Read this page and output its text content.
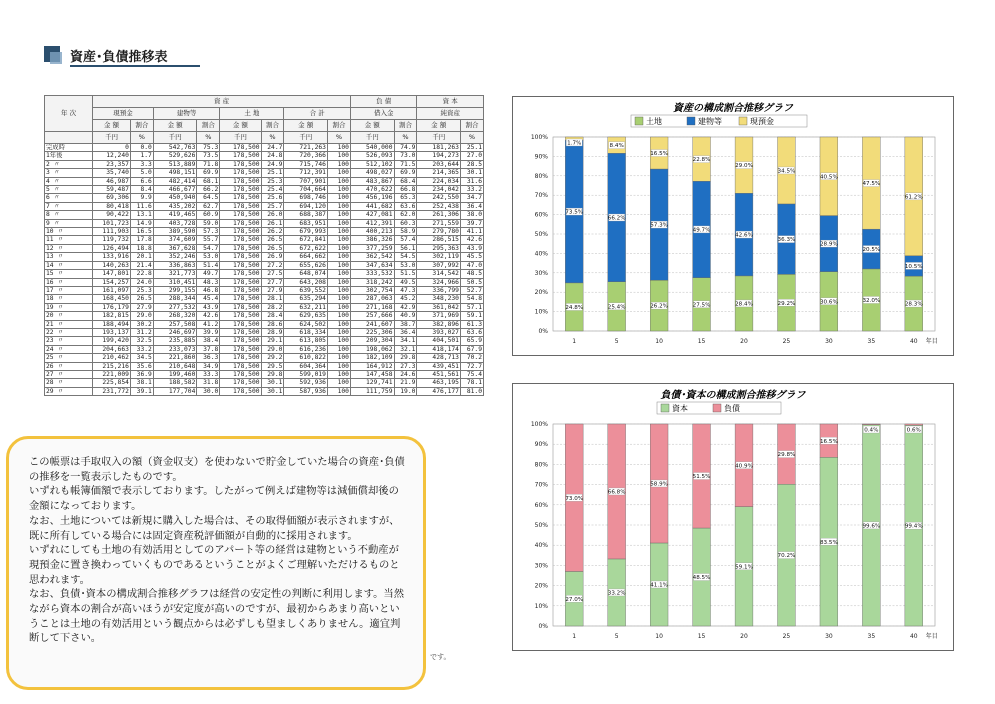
資産･負債推移表
年 次	資 産								負 債		資 本	
	現預金		建物等		土 地		合 計		借入金		純資産	
	金 額	割合	金 額	割合	金 額	割合	金 額	割合	金 額	割合	金 額	割合
	千円	%	千円	%	千円	%	千円	%	千円	%	千円	%
完成時	0	0.0	542,763	75.3	178,500	24.7	721,263	100	540,000	74.9	181,263	25.1
1年後	12,240	1.7	529,626	73.5	178,500	24.8	720,366	100	526,093	73.0	194,273	27.0
2 〃	23,357	3.3	513,889	71.8	178,500	24.9	715,746	100	512,102	71.5	203,644	28.5
3 〃	35,740	5.0	498,151	69.9	178,500	25.1	712,391	100	498,027	69.9	214,365	30.1
4 〃	46,987	6.6	482,414	68.1	178,500	25.3	707,901	100	483,867	68.4	224,034	31.6
5 〃	59,487	8.4	466,677	66.2	178,500	25.4	704,664	100	470,622	66.8	234,042	33.2
6 〃	69,306	9.9	450,940	64.5	178,500	25.6	698,746	100	456,196	65.3	242,550	34.7
7 〃	80,418	11.6	435,202	62.7	178,500	25.7	694,120	100	441,682	63.6	252,438	36.4
8 〃	90,422	13.1	419,465	60.9	178,500	26.0	688,387	100	427,081	62.0	261,306	38.0
9 〃	101,723	14.9	403,728	59.0	178,500	26.1	683,951	100	412,391	60.3	271,559	39.7
10 〃	111,903	16.5	389,590	57.3	178,500	26.2	679,993	100	400,213	58.9	279,780	41.1
11 〃	119,732	17.8	374,609	55.7	178,500	26.5	672,841	100	386,326	57.4	286,515	42.6
12 〃	126,494	18.8	367,628	54.7	178,500	26.5	672,622	100	377,259	56.1	295,363	43.9
13 〃	133,916	20.1	352,246	53.0	178,500	26.9	664,662	100	362,542	54.5	302,119	45.5
14 〃	140,263	21.4	336,863	51.4	178,500	27.2	655,626	100	347,634	53.0	307,992	47.0
15 〃	147,801	22.8	321,773	49.7	178,500	27.5	648,074	100	333,532	51.5	314,542	48.5
16 〃	154,257	24.0	310,451	48.3	178,500	27.7	643,208	100	318,242	49.5	324,966	50.5
17 〃	161,097	25.3	299,155	46.8	178,500	27.9	639,552	100	302,754	47.3	336,799	52.7
18 〃	168,450	26.5	288,344	45.4	178,500	28.1	635,294	100	287,063	45.2	348,230	54.8
19 〃	176,179	27.9	277,532	43.9	178,500	28.2	632,211	100	271,168	42.9	361,042	57.1
20 〃	182,815	29.0	268,320	42.6	178,500	28.4	629,635	100	257,666	40.9	371,969	59.1
21 〃	188,494	30.2	257,508	41.2	178,500	28.6	624,502	100	241,607	38.7	382,896	61.3
22 〃	193,137	31.2	246,697	39.9	178,500	28.9	618,334	100	225,306	36.4	393,027	63.6
23 〃	199,420	32.5	235,885	38.4	178,500	29.1	613,805	100	209,304	34.1	404,501	65.9
24 〃	204,663	33.2	233,073	37.8	178,500	29.0	616,236	100	198,062	32.1	418,174	67.9
25 〃	210,462	34.5	221,860	36.3	178,500	29.2	610,822	100	182,109	29.8	428,713	70.2
26 〃	215,216	35.6	210,648	34.9	178,500	29.5	604,364	100	164,912	27.3	439,451	72.7
27 〃	221,009	36.9	199,460	33.3	178,500	29.8	599,019	100	147,458	24.6	451,561	75.4
28 〃	225,854	38.1	188,582	31.8	178,500	30.1	592,936	100	129,741	21.9	463,195	78.1
29 〃	231,772	39.1	177,704	30.0	178,500	30.1	587,936	100	111,759	19.0	476,177	81.0
です。

この帳票は手取収入の額（資金収支）を使わないで貯金していた場合の資産･負債の推移を一覧表示したものです。

いずれも帳簿価額で表示しております。したがって例えば建物等は減価償却後の金額になっております。

なお、土地については新規に購入した場合は、その取得価額が表示されますが、既に所有している場合には固定資産税評価額が自動的に採用されます。

いずれにしても土地の有効活用としてのアパート等の経営は建物という不動産が現預金に置き換わっていくものであるということがよくご理解いただけるものと思われます。

なお、負債･資本の構成割合推移グラフは経営の安定性の判断に利用します。当然ながら資本の割合が高いほうが安定度が高いのですが、最初からあまり高いということは土地の有効活用という観点からは必ずしも望ましくありません。適宜判断して下さい。

資産の構成割合推移グラフ
土地	建物等	現預金
0%
10%
20%
30%
40%
50%
60%
70%
80%
90%
100%
24.8%
73.5%
1.7%
1
25.4%
66.2%
8.4%
5
26.2%
57.3%
16.5%
10
27.5%
49.7%
22.8%
15
28.4%
42.6%
29.0%
20
29.2%
36.3%
34.5%
25
30.6%
28.9%
40.5%
30
32.0%
20.5%
47.5%
35
28.3%
10.5%
61.2%
40 年目
負債･資本の構成割合推移グラフ
資本	負債
0%
10%
20%
30%
40%
50%
60%
70%
80%
90%
100%
27.0%
73.0%
1
33.2%
66.8%
5
41.1%
58.9%
10
48.5%
51.5%
15
59.1%
40.9%
20
70.2%
29.8%
25
83.5%
16.5%
30
99.6%
0.4%
35
99.4%
0.6%
40 年目
